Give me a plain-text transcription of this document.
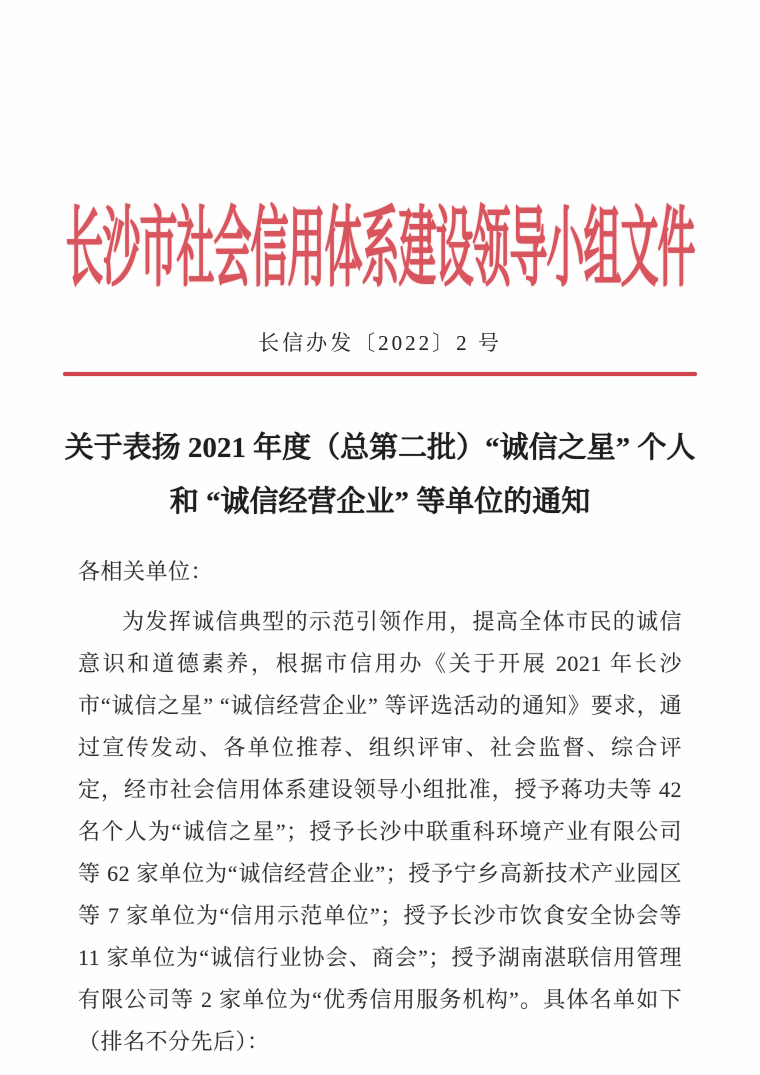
长沙市社会信用体系建设领导小组文件
长信办发〔2022〕2 号
关于表扬 2021 年度（总第二批）“诚信之星” 个人
和 “诚信经营企业” 等单位的通知
各相关单位：

为发挥诚信典型的示范引领作用，提高全体市民的诚信意识和道德素养，根据市信用办《关于开展 2021 年长沙市“诚信之星” “诚信经营企业” 等评选活动的通知》要求，通过宣传发动、各单位推荐、组织评审、社会监督、综合评定，经市社会信用体系建设领导小组批准，授予蒋功夫等 42 名个人为“诚信之星”；授予长沙中联重科环境产业有限公司等 62 家单位为“诚信经营企业”；授予宁乡高新技术产业园区等 7 家单位为“信用示范单位”；授予长沙市饮食安全协会等 11 家单位为“诚信行业协会、商会”；授予湖南湛联信用管理有限公司等 2 家单位为“优秀信用服务机构”。具体名单如下（排名不分先后）：
